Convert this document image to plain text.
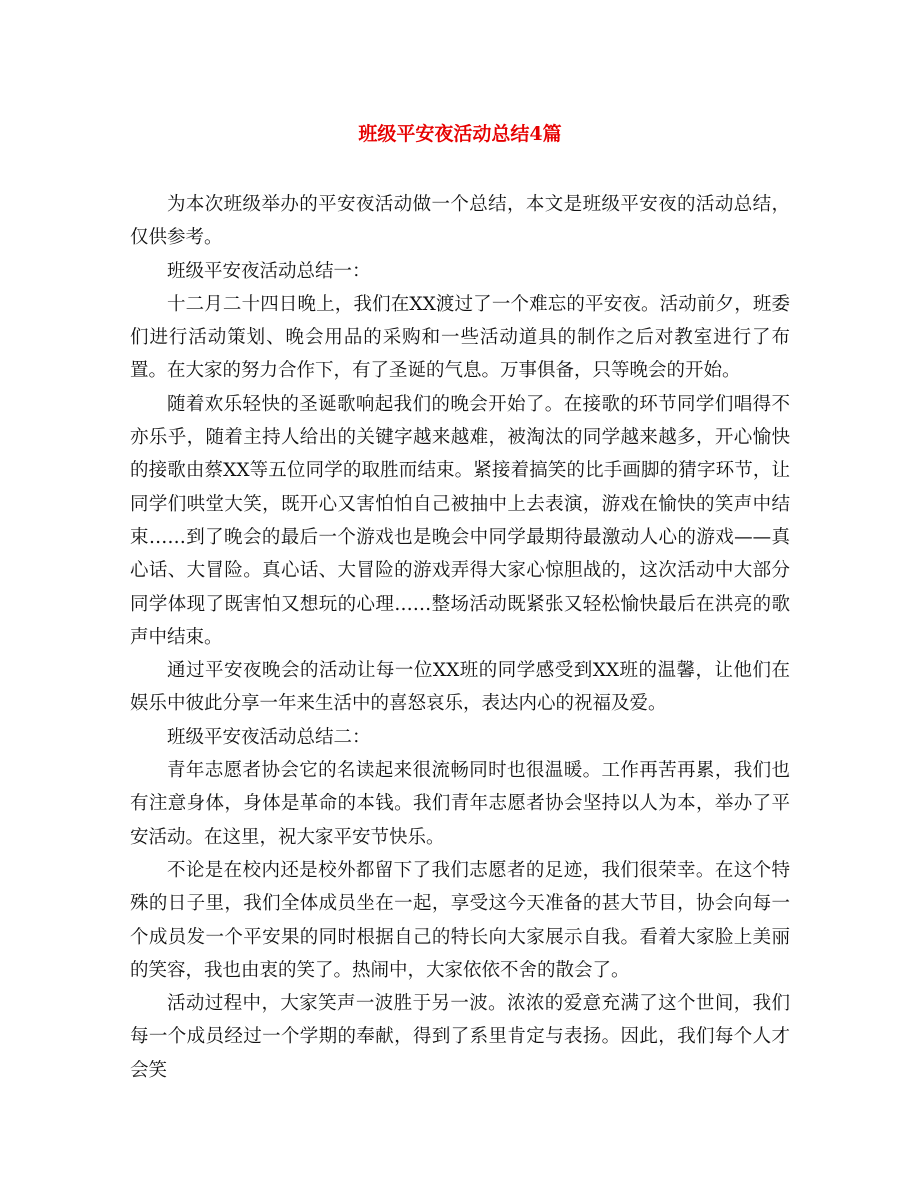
班级平安夜活动总结4篇

为本次班级举办的平安夜活动做一个总结，本文是班级平安夜的活动总结，仅供参考。

班级平安夜活动总结一：

十二月二十四日晚上，我们在XX渡过了一个难忘的平安夜。活动前夕，班委们进行活动策划、晚会用品的采购和一些活动道具的制作之后对教室进行了布置。在大家的努力合作下，有了圣诞的气息。万事俱备，只等晚会的开始。

随着欢乐轻快的圣诞歌响起我们的晚会开始了。在接歌的环节同学们唱得不亦乐乎，随着主持人给出的关键字越来越难，被淘汰的同学越来越多，开心愉快的接歌由蔡XX等五位同学的取胜而结束。紧接着搞笑的比手画脚的猜字环节，让同学们哄堂大笑，既开心又害怕怕自己被抽中上去表演，游戏在愉快的笑声中结束……到了晚会的最后一个游戏也是晚会中同学最期待最激动人心的游戏——真心话、大冒险。真心话、大冒险的游戏弄得大家心惊胆战的，这次活动中大部分同学体现了既害怕又想玩的心理……整场活动既紧张又轻松愉快最后在洪亮的歌声中结束。

通过平安夜晚会的活动让每一位XX班的同学感受到XX班的温馨，让他们在娱乐中彼此分享一年来生活中的喜怒哀乐，表达内心的祝福及爱。

班级平安夜活动总结二：

青年志愿者协会它的名读起来很流畅同时也很温暖。工作再苦再累，我们也有注意身体，身体是革命的本钱。我们青年志愿者协会坚持以人为本，举办了平安活动。在这里，祝大家平安节快乐。

不论是在校内还是校外都留下了我们志愿者的足迹，我们很荣幸。在这个特殊的日子里，我们全体成员坐在一起，享受这今天准备的甚大节目，协会向每一个成员发一个平安果的同时根据自己的特长向大家展示自我。看着大家脸上美丽的笑容，我也由衷的笑了。热闹中，大家依依不舍的散会了。

活动过程中，大家笑声一波胜于另一波。浓浓的爱意充满了这个世间，我们每一个成员经过一个学期的奉献，得到了系里肯定与表扬。因此，我们每个人才会笑
